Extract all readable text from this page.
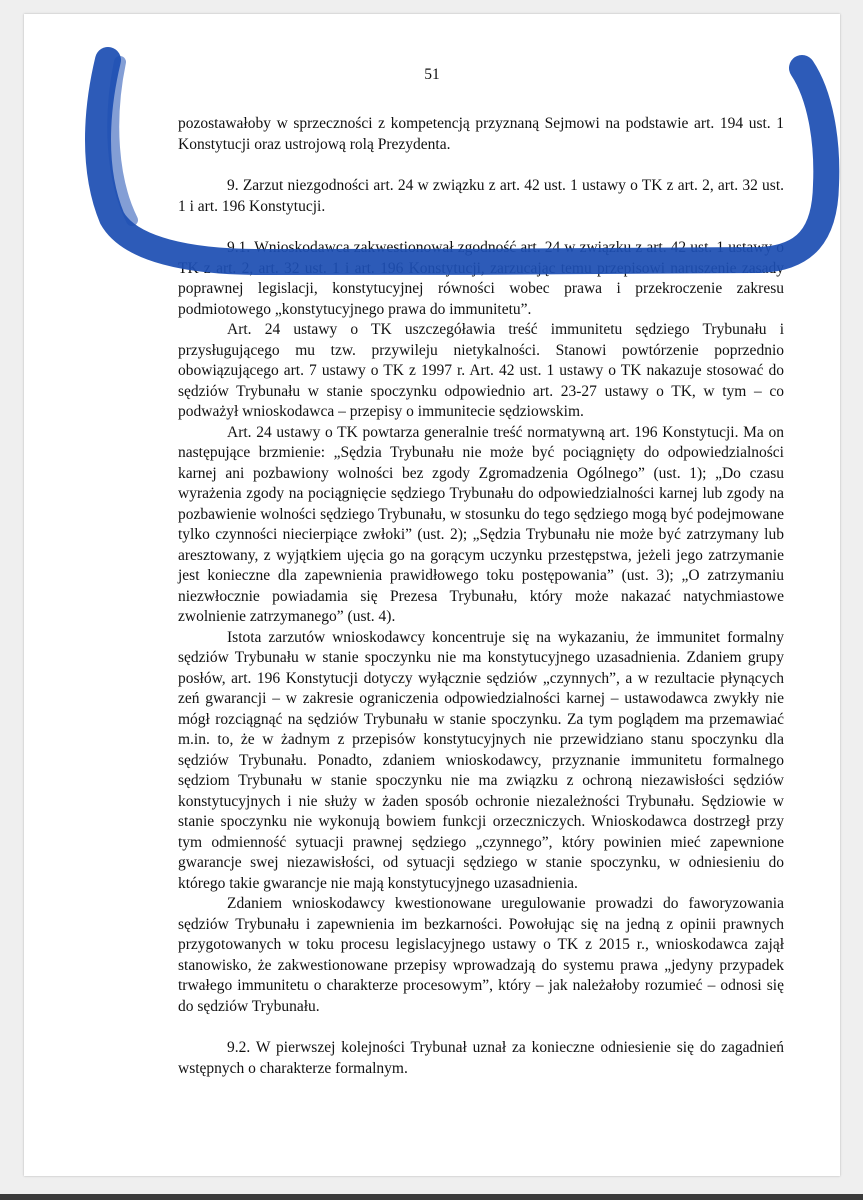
51

pozostawałoby w sprzeczności z kompetencją przyznaną Sejmowi na podstawie art. 194 ust. 1 Konstytucji oraz ustrojową rolą Prezydenta.

9. Zarzut niezgodności art. 24 w związku z art. 42 ust. 1 ustawy o TK z art. 2, art. 32 ust. 1 i art. 196 Konstytucji.

9.1. Wnioskodawca zakwestionował zgodność art. 24 w związku z art. 42 ust. 1 ustawy o TK z art. 2, art. 32 ust. 1 i art. 196 Konstytucji, zarzucając temu przepisowi naruszenie zasady poprawnej legislacji, konstytucyjnej równości wobec prawa i przekroczenie zakresu podmiotowego „konstytucyjnego prawa do immunitetu”.

Art. 24 ustawy o TK uszczegóławia treść immunitetu sędziego Trybunału i przysługującego mu tzw. przywileju nietykalności. Stanowi powtórzenie poprzednio obowiązującego art. 7 ustawy o TK z 1997 r. Art. 42 ust. 1 ustawy o TK nakazuje stosować do sędziów Trybunału w stanie spoczynku odpowiednio art. 23-27 ustawy o TK, w tym – co podważył wnioskodawca – przepisy o immunitecie sędziowskim.

Art. 24 ustawy o TK powtarza generalnie treść normatywną art. 196 Konstytucji. Ma on następujące brzmienie: „Sędzia Trybunału nie może być pociągnięty do odpowiedzialności karnej ani pozbawiony wolności bez zgody Zgromadzenia Ogólnego” (ust. 1); „Do czasu wyrażenia zgody na pociągnięcie sędziego Trybunału do odpowiedzialności karnej lub zgody na pozbawienie wolności sędziego Trybunału, w stosunku do tego sędziego mogą być podejmowane tylko czynności niecierpiące zwłoki” (ust. 2); „Sędzia Trybunału nie może być zatrzymany lub aresztowany, z wyjątkiem ujęcia go na gorącym uczynku przestępstwa, jeżeli jego zatrzymanie jest konieczne dla zapewnienia prawidłowego toku postępowania” (ust. 3); „O zatrzymaniu niezwłocznie powiadamia się Prezesa Trybunału, który może nakazać natychmiastowe zwolnienie zatrzymanego” (ust. 4).

Istota zarzutów wnioskodawcy koncentruje się na wykazaniu, że immunitet formalny sędziów Trybunału w stanie spoczynku nie ma konstytucyjnego uzasadnienia. Zdaniem grupy posłów, art. 196 Konstytucji dotyczy wyłącznie sędziów „czynnych”, a w rezultacie płynących zeń gwarancji – w zakresie ograniczenia odpowiedzialności karnej – ustawodawca zwykły nie mógł rozciągnąć na sędziów Trybunału w stanie spoczynku. Za tym poglądem ma przemawiać m.in. to, że w żadnym z przepisów konstytucyjnych nie przewidziano stanu spoczynku dla sędziów Trybunału. Ponadto, zdaniem wnioskodawcy, przyznanie immunitetu formalnego sędziom Trybunału w stanie spoczynku nie ma związku z ochroną niezawisłości sędziów konstytucyjnych i nie służy w żaden sposób ochronie niezależności Trybunału. Sędziowie w stanie spoczynku nie wykonują bowiem funkcji orzeczniczych. Wnioskodawca dostrzegł przy tym odmienność sytuacji prawnej sędziego „czynnego”, który powinien mieć zapewnione gwarancje swej niezawisłości, od sytuacji sędziego w stanie spoczynku, w odniesieniu do którego takie gwarancje nie mają konstytucyjnego uzasadnienia.

Zdaniem wnioskodawcy kwestionowane uregulowanie prowadzi do faworyzowania sędziów Trybunału i zapewnienia im bezkarności. Powołując się na jedną z opinii prawnych przygotowanych w toku procesu legislacyjnego ustawy o TK z 2015 r., wnioskodawca zajął stanowisko, że zakwestionowane przepisy wprowadzają do systemu prawa „jedyny przypadek trwałego immunitetu o charakterze procesowym”, który – jak należałoby rozumieć – odnosi się do sędziów Trybunału.

9.2. W pierwszej kolejności Trybunał uznał za konieczne odniesienie się do zagadnień wstępnych o charakterze formalnym.
